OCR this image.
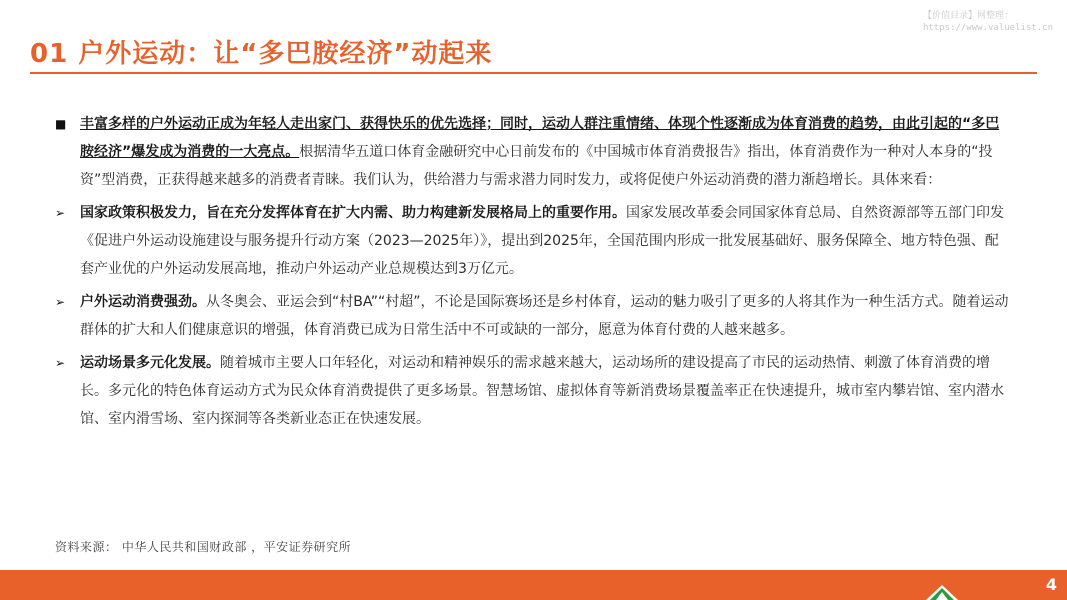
【价值目录】网整理：
https://www.valuelist.cn
01 户外运动：让“多巴胺经济”动起来
■ 丰富多样的户外运动正成为年轻人走出家门、获得快乐的优先选择；同时，运动人群注重情绪、体现个性逐渐成为体育消费的趋势，由此引起的“多巴胺经济”爆发成为消费的一大亮点。根据清华五道口体育金融研究中心日前发布的《中国城市体育消费报告》指出，体育消费作为一种对人本身的“投资”型消费，正获得越来越多的消费者青睐。我们认为，供给潜力与需求潜力同时发力，或将促使户外运动消费的潜力渐趋增长。具体来看：
➢	国家政策积极发力，旨在充分发挥体育在扩大内需、助力构建新发展格局上的重要作用。国家发展改革委会同国家体育总局、自然资源部等五部门印发《促进户外运动设施建设与服务提升行动方案（2023—2025年）》，提出到2025年，全国范围内形成一批发展基础好、服务保障全、地方特色强、配套产业优的户外运动发展高地，推动户外运动产业总规模达到3万亿元。
➢	户外运动消费强劲。从冬奥会、亚运会到“村BA”“村超”，不论是国际赛场还是乡村体育，运动的魅力吸引了更多的人将其作为一种生活方式。随着运动群体的扩大和人们健康意识的增强，体育消费已成为日常生活中不可或缺的一部分，愿意为体育付费的人越来越多。
➢	运动场景多元化发展。随着城市主要人口年轻化，对运动和精神娱乐的需求越来越大，运动场所的建设提高了市民的运动热情、刺激了体育消费的增长。多元化的特色体育运动方式为民众体育消费提供了更多场景。智慧场馆、虚拟体育等新消费场景覆盖率正在快速提升，城市室内攀岩馆、室内潜水馆、室内滑雪场、室内探洞等各类新业态正在快速发展。
资料来源： 中华人民共和国财政部 ，平安证券研究所
4
